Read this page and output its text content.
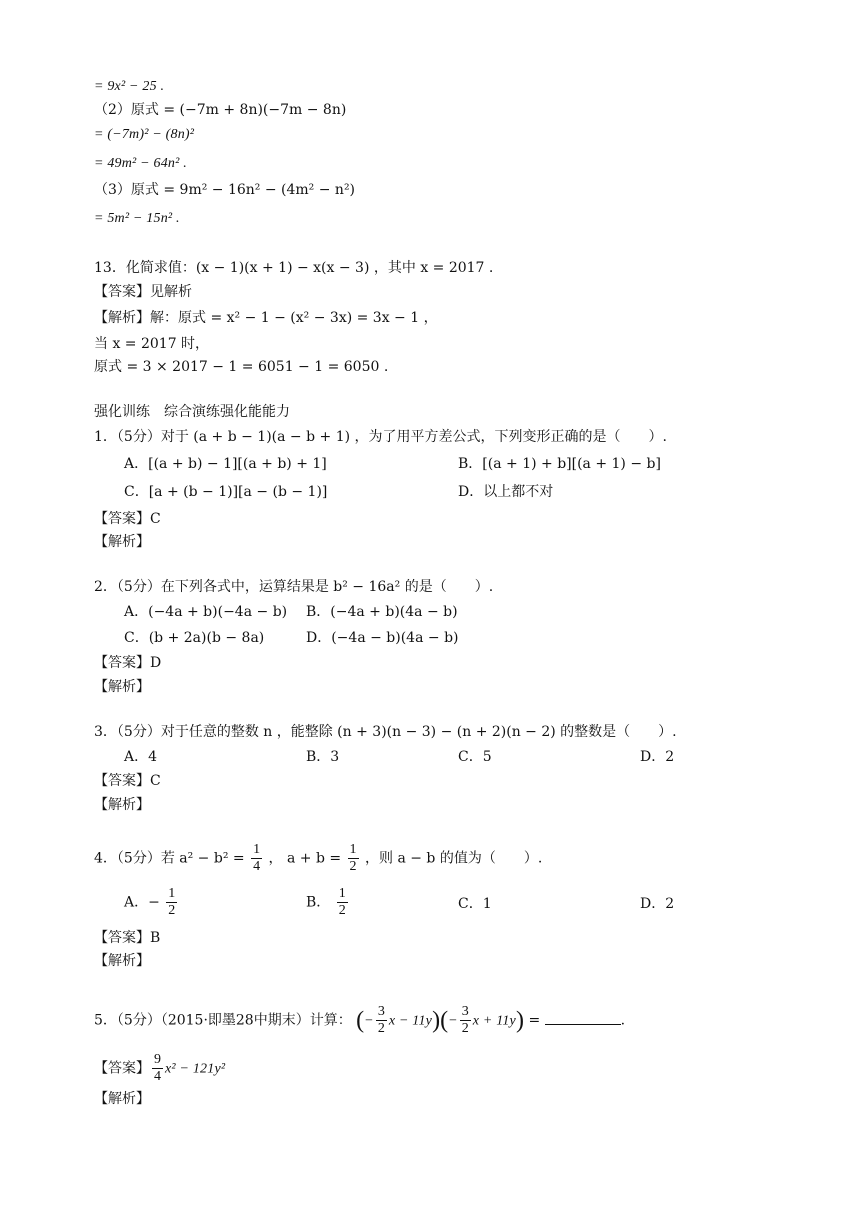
= 9x² − 25 .
（2）原式 = (−7m + 8n)(−7m − 8n)
= (−7m)² − (8n)²
= 49m² − 64n² .
（3）原式 = 9m² − 16n² − (4m² − n²)
= 5m² − 15n² .
13．化简求值：(x − 1)(x + 1) − x(x − 3) ，其中 x = 2017 .
【答案】见解析
【解析】解：原式 = x² − 1 − (x² − 3x) = 3x − 1 ，
当 x = 2017 时，
原式 = 3 × 2017 − 1 = 6051 − 1 = 6050 .
强化训练　综合演练强化能能力
1．（5分）对于 (a + b − 1)(a − b + 1) ，为了用平方差公式，下列变形正确的是（　　）.
A．[(a + b) − 1][(a + b) + 1]	B．[(a + 1) + b][(a + 1) − b]
C．[a + (b − 1)][a − (b − 1)]	D．以上都不对
【答案】C
【解析】
2．（5分）在下列各式中，运算结果是 b² − 16a² 的是（　　）.
A．(−4a + b)(−4a − b) B．(−4a + b)(4a − b)
C．(b + 2a)(b − 8a)	D．(−4a − b)(4a − b)
【答案】D
【解析】
3．（5分）对于任意的整数 n ，能整除 (n + 3)(n − 3) − (n + 2)(n − 2) 的整数是（　　）.
A．4	B．3	C．5	D．2
【答案】C
【解析】
4．（5分）若 $a^2 - b^2 = \frac{1}{4}$ ， $a + b = \frac{1}{2}$ ，则 a − b 的值为（　　）.
A．− $\frac{1}{2}$	B． $\frac{1}{2}$	C．1	D．2
【答案】B
【解析】
5．（5分）（2015·即墨28中期末）计算： (− $\frac{3}{2}$ $x - 11y)(- \frac{3}{2}$ x + 11y) =	.
【答案】 $\frac{9}{4} x^2 - 121y^2$
【解析】
